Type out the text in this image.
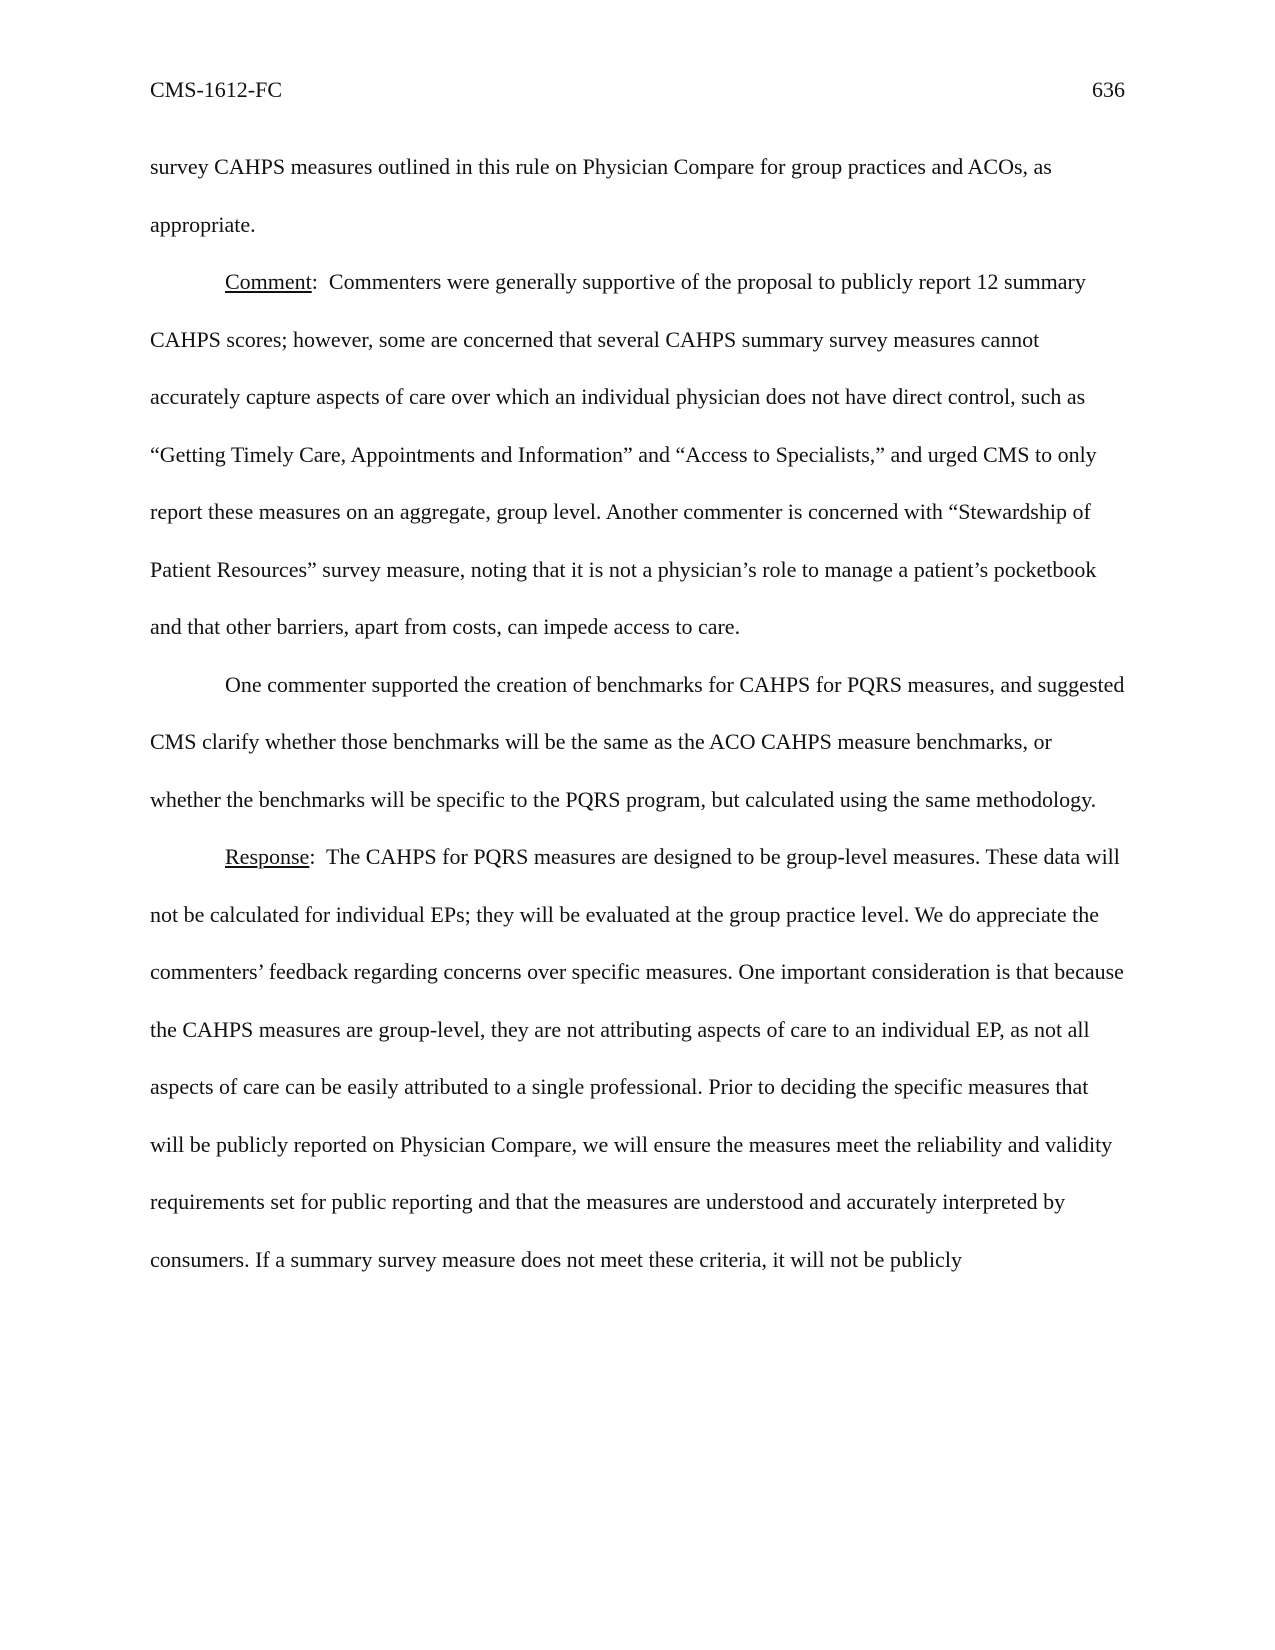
CMS-1612-FC	636

survey CAHPS measures outlined in this rule on Physician Compare for group practices and ACOs, as appropriate.

Comment:  Commenters were generally supportive of the proposal to publicly report 12 summary CAHPS scores; however, some are concerned that several CAHPS summary survey measures cannot accurately capture aspects of care over which an individual physician does not have direct control, such as “Getting Timely Care, Appointments and Information” and “Access to Specialists,” and urged CMS to only report these measures on an aggregate, group level. Another commenter is concerned with “Stewardship of Patient Resources” survey measure, noting that it is not a physician’s role to manage a patient’s pocketbook and that other barriers, apart from costs, can impede access to care.

One commenter supported the creation of benchmarks for CAHPS for PQRS measures, and suggested CMS clarify whether those benchmarks will be the same as the ACO CAHPS measure benchmarks, or whether the benchmarks will be specific to the PQRS program, but calculated using the same methodology.

Response:  The CAHPS for PQRS measures are designed to be group-level measures. These data will not be calculated for individual EPs; they will be evaluated at the group practice level. We do appreciate the commenters’ feedback regarding concerns over specific measures. One important consideration is that because the CAHPS measures are group-level, they are not attributing aspects of care to an individual EP, as not all aspects of care can be easily attributed to a single professional. Prior to deciding the specific measures that will be publicly reported on Physician Compare, we will ensure the measures meet the reliability and validity requirements set for public reporting and that the measures are understood and accurately interpreted by consumers. If a summary survey measure does not meet these criteria, it will not be publicly
